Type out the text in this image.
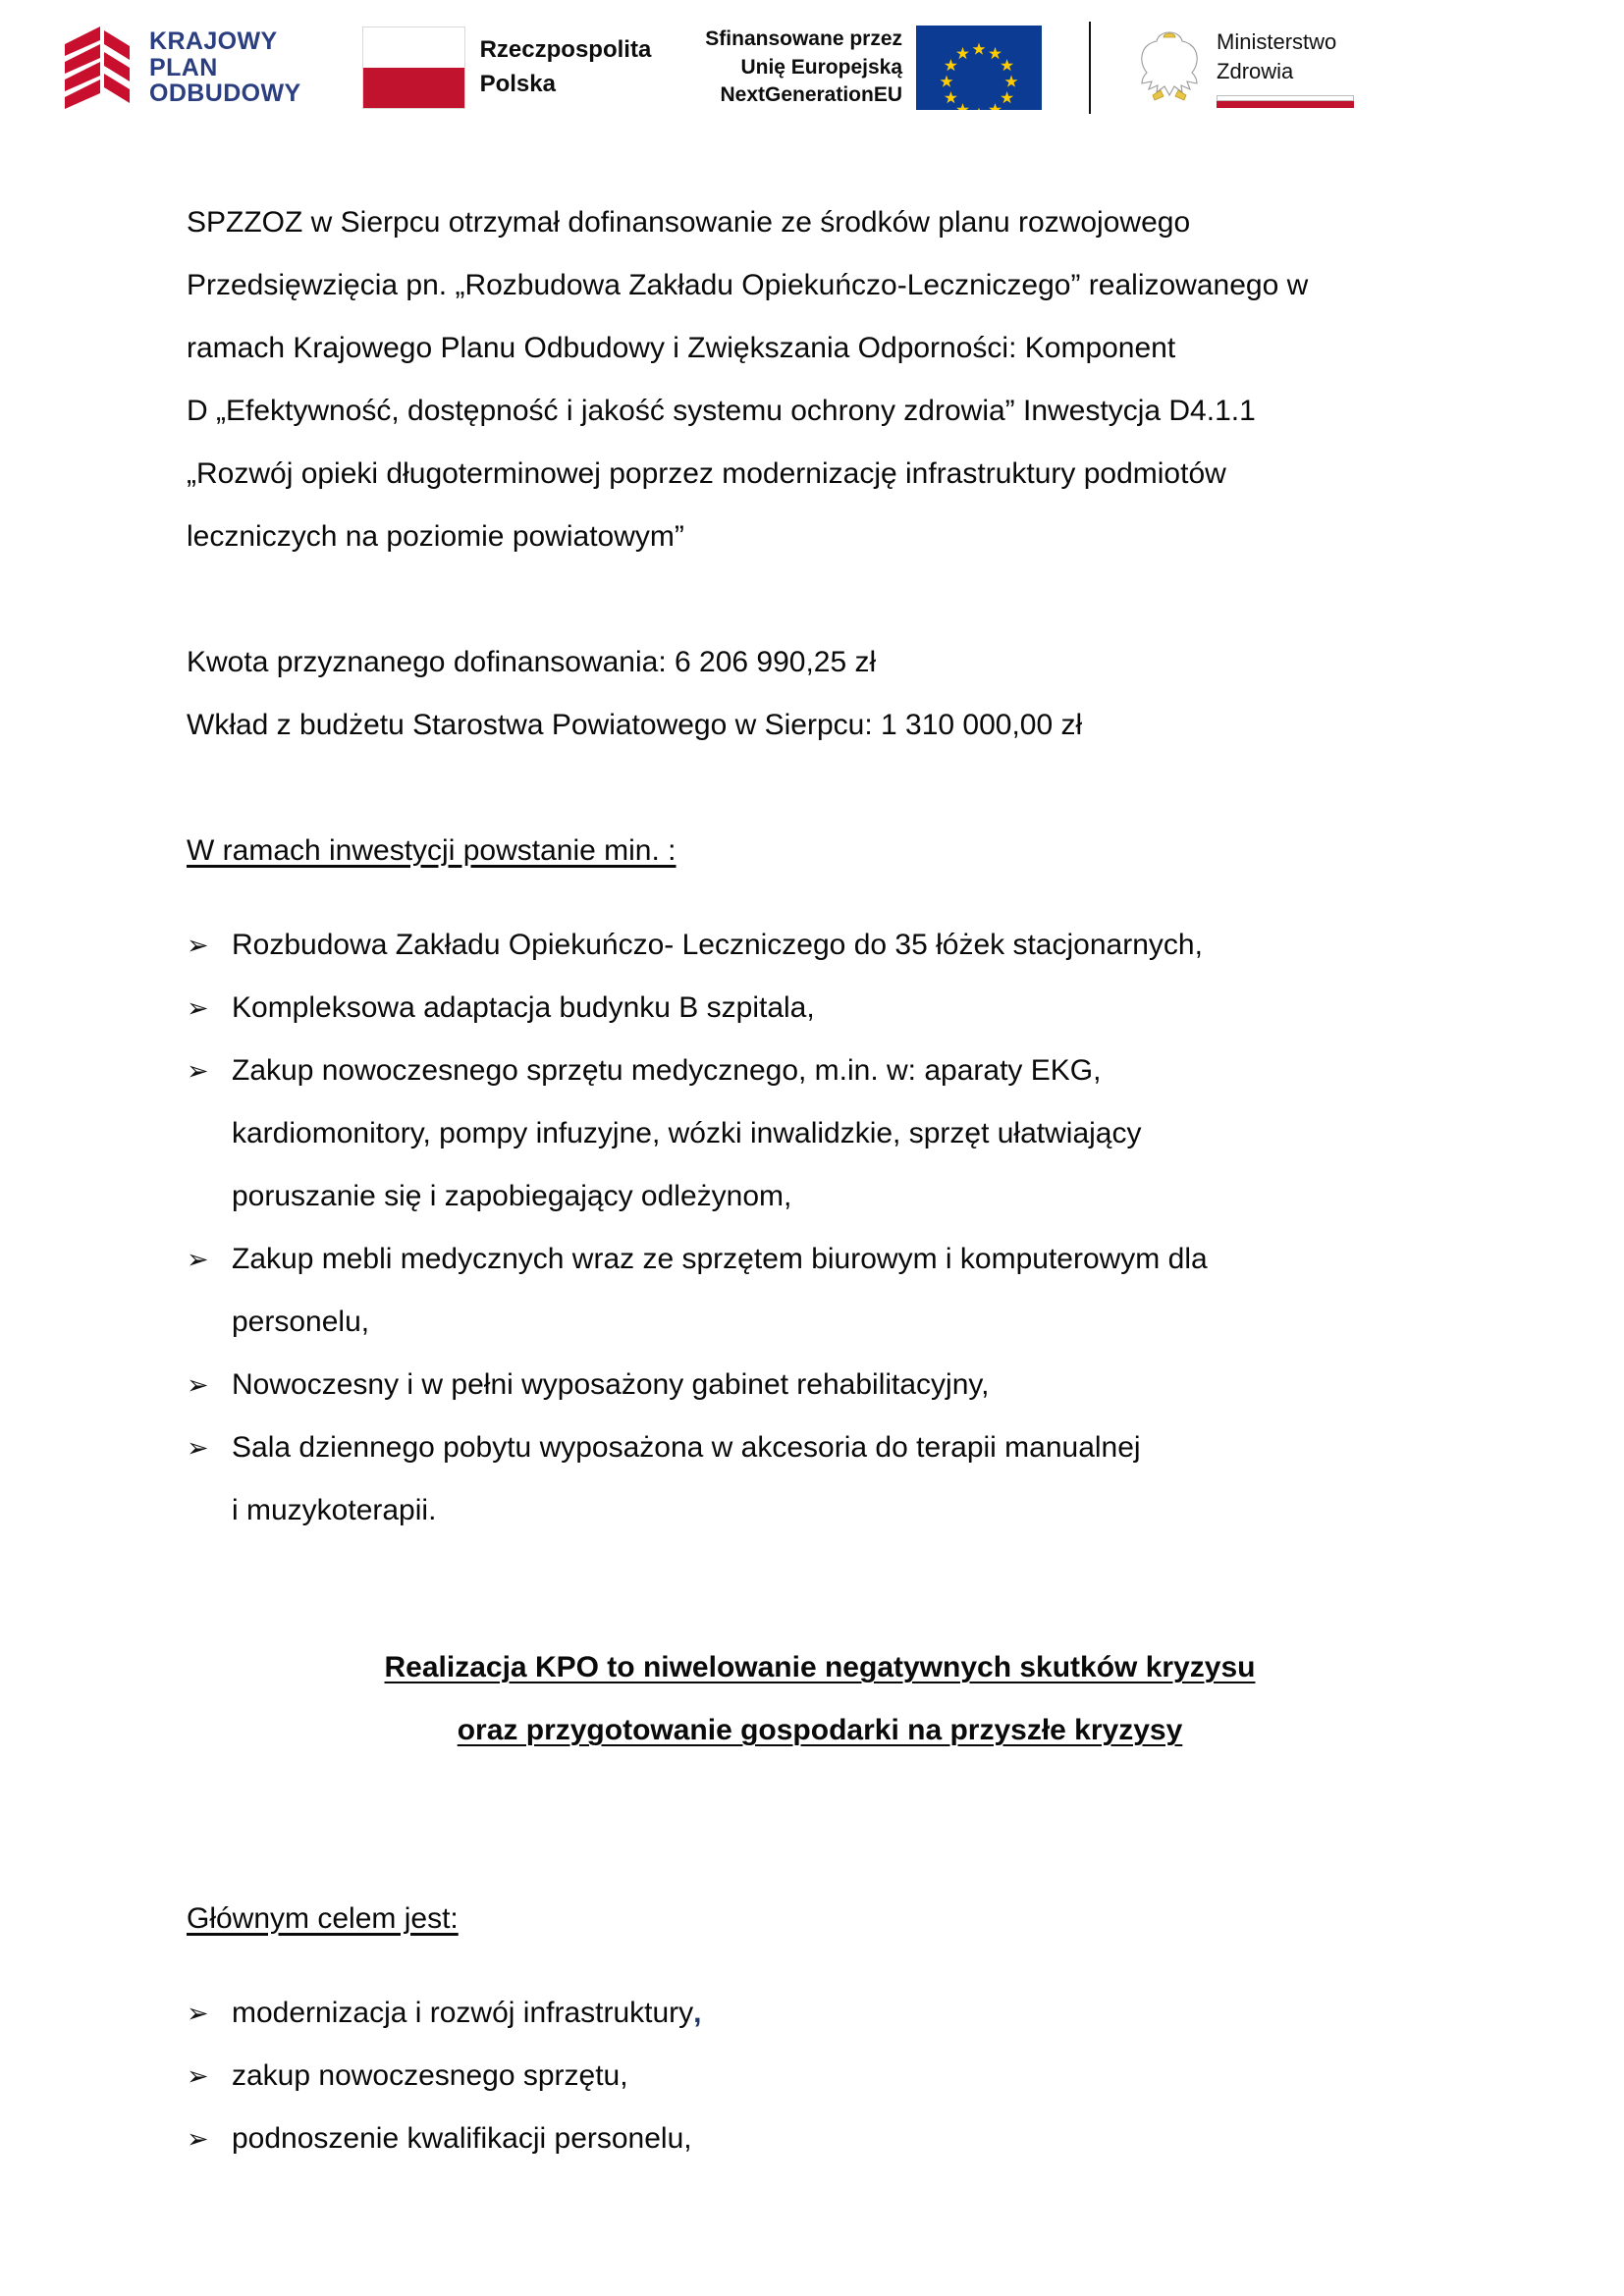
KRAJOWY
PLAN
ODBUDOWY
Rzeczpospolita
Polska
Sfinansowane przez
Unię Europejską
NextGenerationEU
Ministerstwo
Zdrowia

SPZZOZ w Sierpcu otrzymał dofinansowanie ze środków planu rozwojowego
Przedsięwzięcia pn. „Rozbudowa Zakładu Opiekuńczo-Leczniczego” realizowanego w
ramach Krajowego Planu Odbudowy i Zwiększania Odporności: Komponent
D „Efektywność, dostępność i jakość systemu ochrony zdrowia” Inwestycja D4.1.1
„Rozwój opieki długoterminowej poprzez modernizację infrastruktury podmiotów
leczniczych na poziomie powiatowym”

Kwota przyznanego dofinansowania: 6 206 990,25 zł
Wkład z budżetu Starostwa Powiatowego w Sierpcu: 1 310 000,00 zł

W ramach inwestycji powstanie min. :

➢ Rozbudowa Zakładu Opiekuńczo- Leczniczego do 35 łóżek stacjonarnych,
➢ Kompleksowa adaptacja budynku B szpitala,
➢ Zakup nowoczesnego sprzętu medycznego, m.in. w: aparaty EKG,
kardiomonitory, pompy infuzyjne, wózki inwalidzkie, sprzęt ułatwiający
poruszanie się i zapobiegający odleżynom,
➢ Zakup mebli medycznych wraz ze sprzętem biurowym i komputerowym dla
personelu,
➢ Nowoczesny i w pełni wyposażony gabinet rehabilitacyjny,
➢ Sala dziennego pobytu wyposażona w akcesoria do terapii manualnej
i muzykoterapii.
Realizacja KPO to niwelowanie negatywnych skutków kryzysu
oraz przygotowanie gospodarki na przyszłe kryzysy

Głównym celem jest:

➢ modernizacja i rozwój infrastruktury,
➢ zakup nowoczesnego sprzętu,
➢ podnoszenie kwalifikacji personelu,
